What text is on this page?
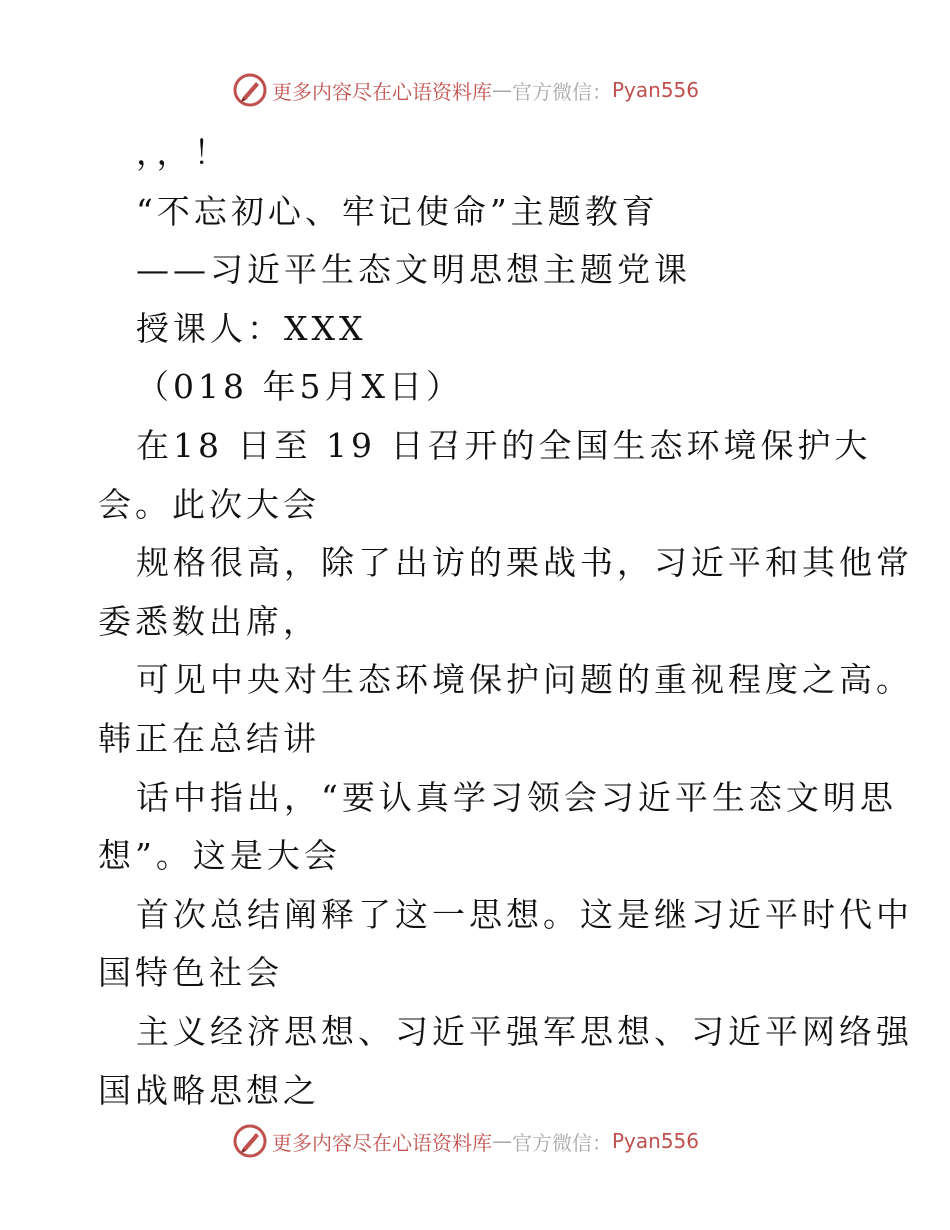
更多内容尽在心语资料库 — 官方微信： Pyan556
，，！
“不忘初心、牢记使命”主题教育
——习近平生态文明思想主题党课
授课人：XXX
（018 年5月X日）
在18 日至 19 日召开的全国生态环境保护大
会。此次大会
规格很高，除了出访的栗战书，习近平和其他常
委悉数出席，
可见中央对生态环境保护问题的重视程度之高。
韩正在总结讲
话中指出，“要认真学习领会习近平生态文明思
想”。这是大会
首次总结阐释了这一思想。这是继习近平时代中
国特色社会
主义经济思想、习近平强军思想、习近平网络强
国战略思想之
更多内容尽在心语资料库 — 官方微信： Pyan556
